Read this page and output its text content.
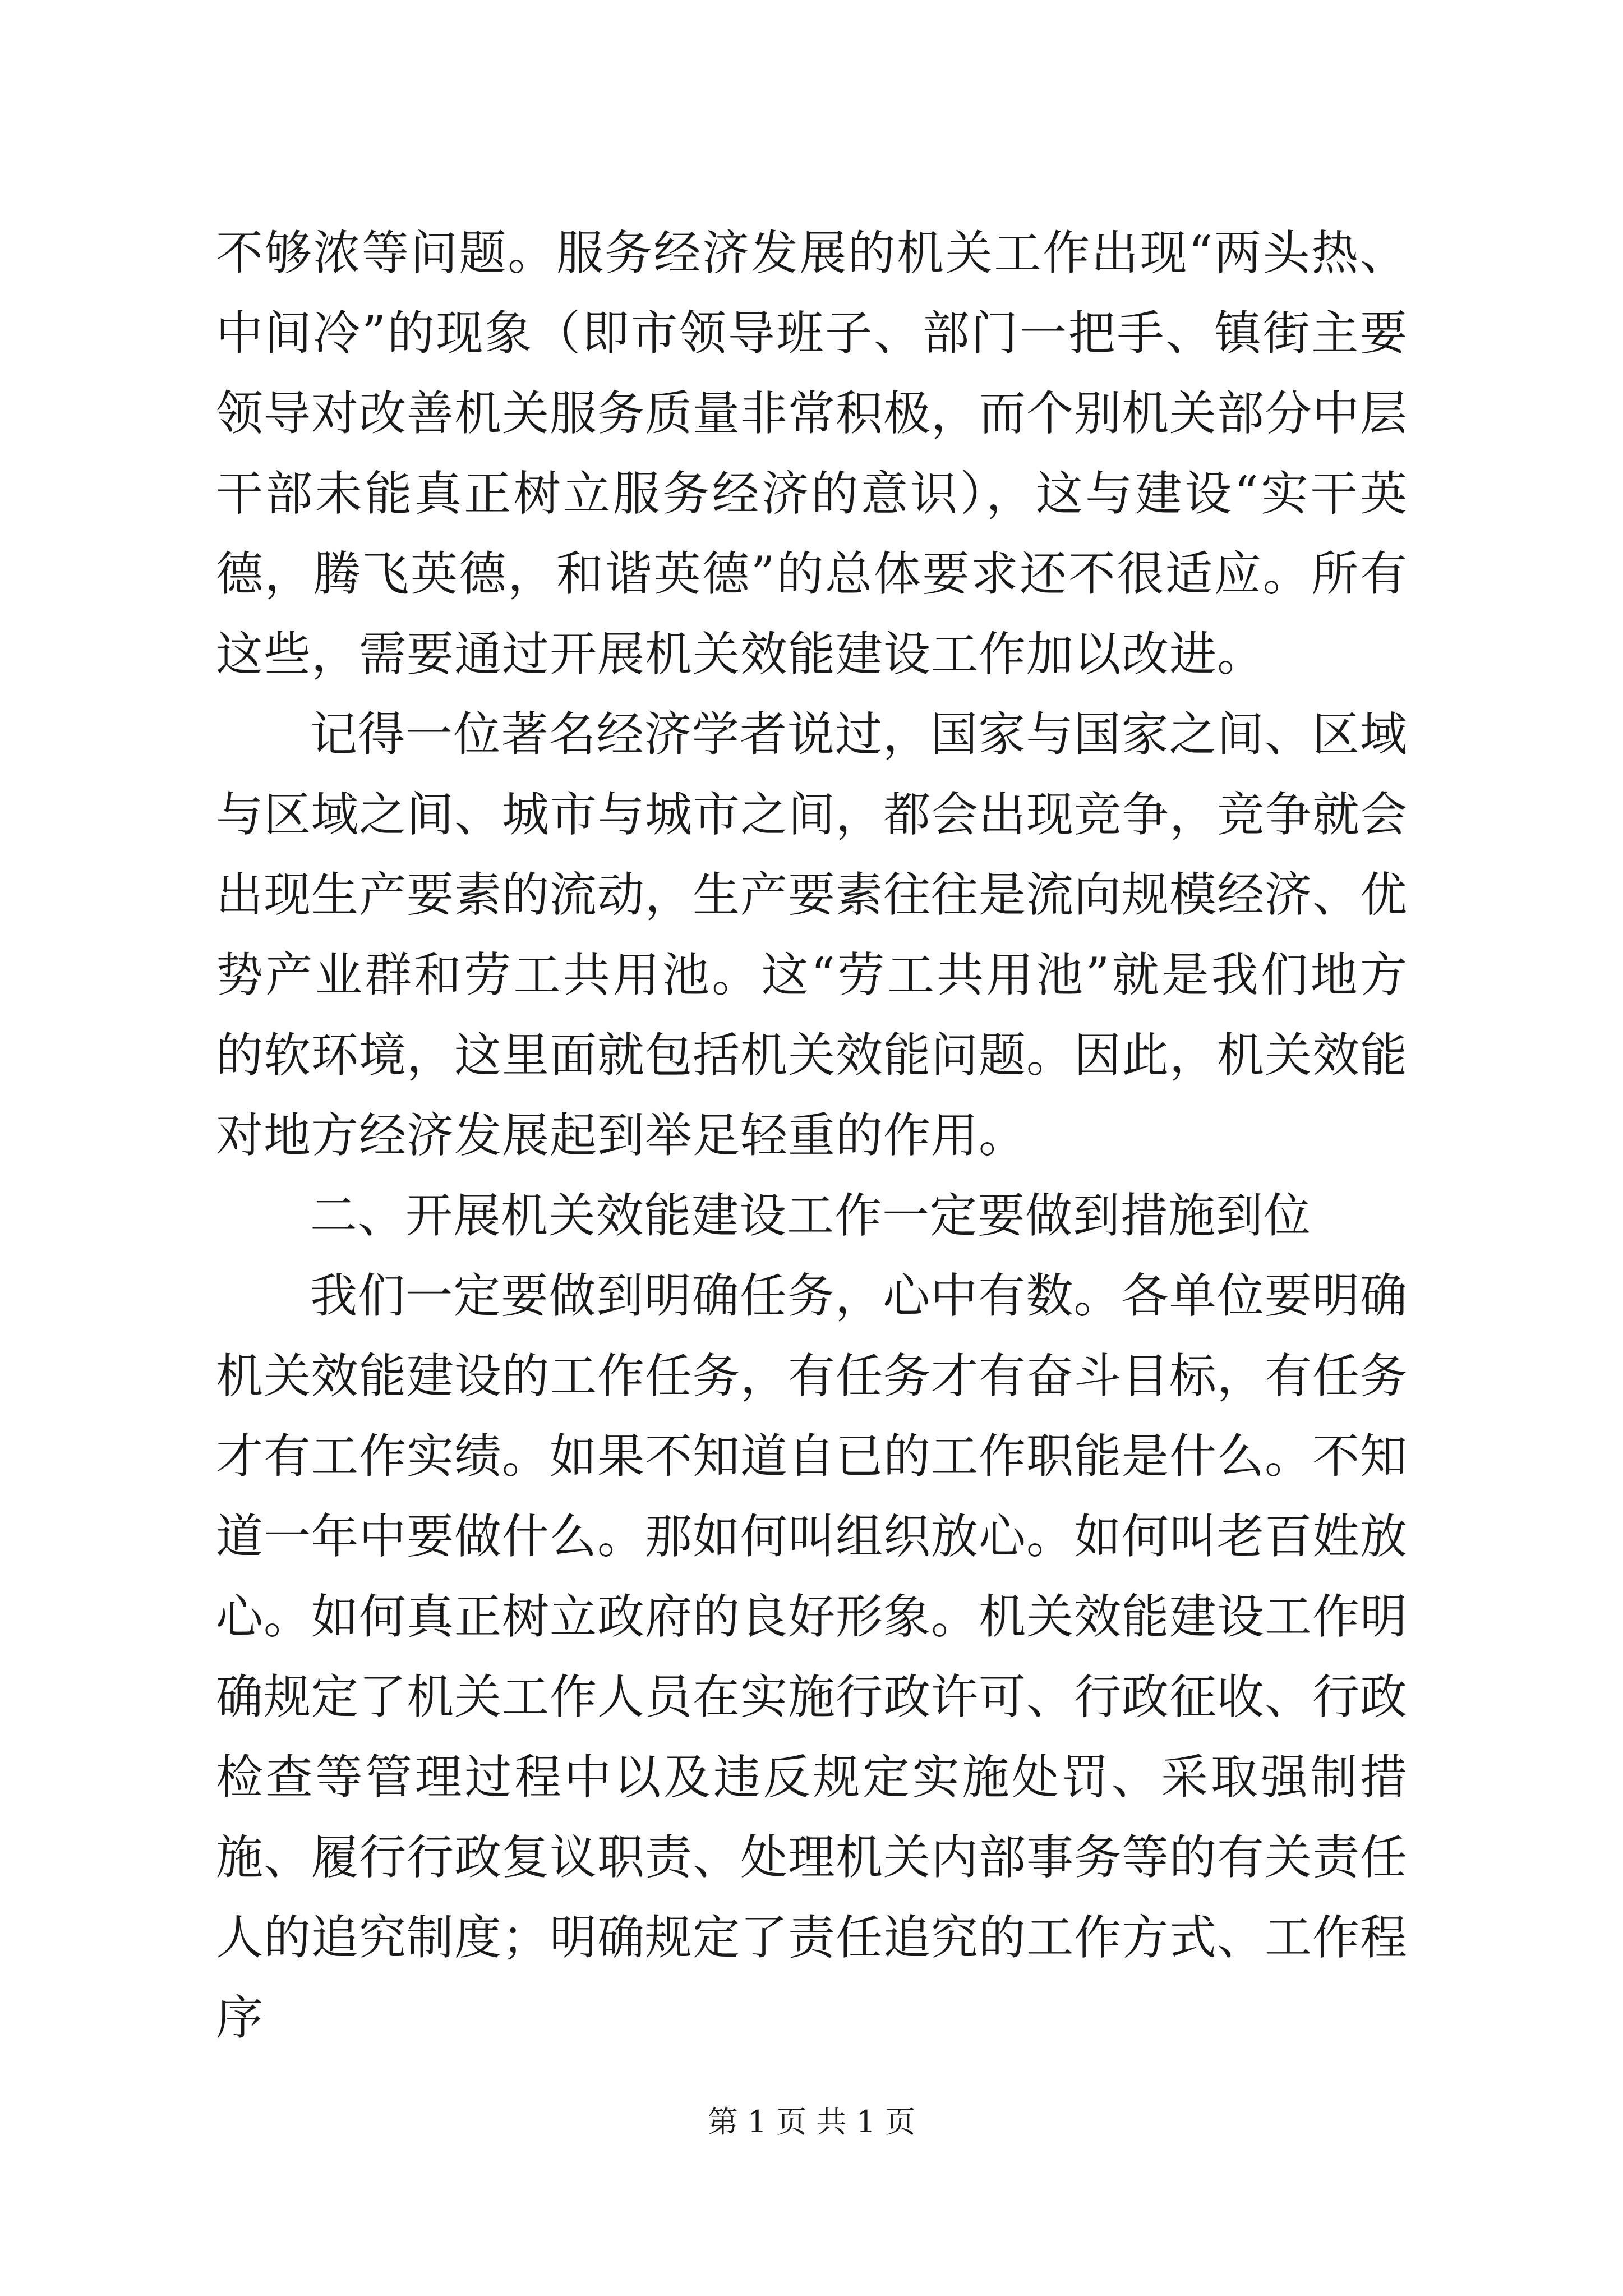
不够浓等问题。服务经济发展的机关工作出现“两头热、中间冷”的现象（即市领导班子、部门一把手、镇街主要领导对改善机关服务质量非常积极，而个别机关部分中层干部未能真正树立服务经济的意识），这与建设“实干英德，腾飞英德，和谐英德”的总体要求还不很适应。所有这些，需要通过开展机关效能建设工作加以改进。

记得一位著名经济学者说过，国家与国家之间、区域与区域之间、城市与城市之间，都会出现竞争，竞争就会出现生产要素的流动，生产要素往往是流向规模经济、优势产业群和劳工共用池。这“劳工共用池”就是我们地方的软环境，这里面就包括机关效能问题。因此，机关效能对地方经济发展起到举足轻重的作用。

二、开展机关效能建设工作一定要做到措施到位

我们一定要做到明确任务，心中有数。各单位要明确机关效能建设的工作任务，有任务才有奋斗目标，有任务才有工作实绩。如果不知道自已的工作职能是什么。不知道一年中要做什么。那如何叫组织放心。如何叫老百姓放心。如何真正树立政府的良好形象。机关效能建设工作明确规定了机关工作人员在实施行政许可、行政征收、行政检查等管理过程中以及违反规定实施处罚、采取强制措施、履行行政复议职责、处理机关内部事务等的有关责任人的追究制度；明确规定了责任追究的工作方式、工作程序

第 1 页 共 1 页
